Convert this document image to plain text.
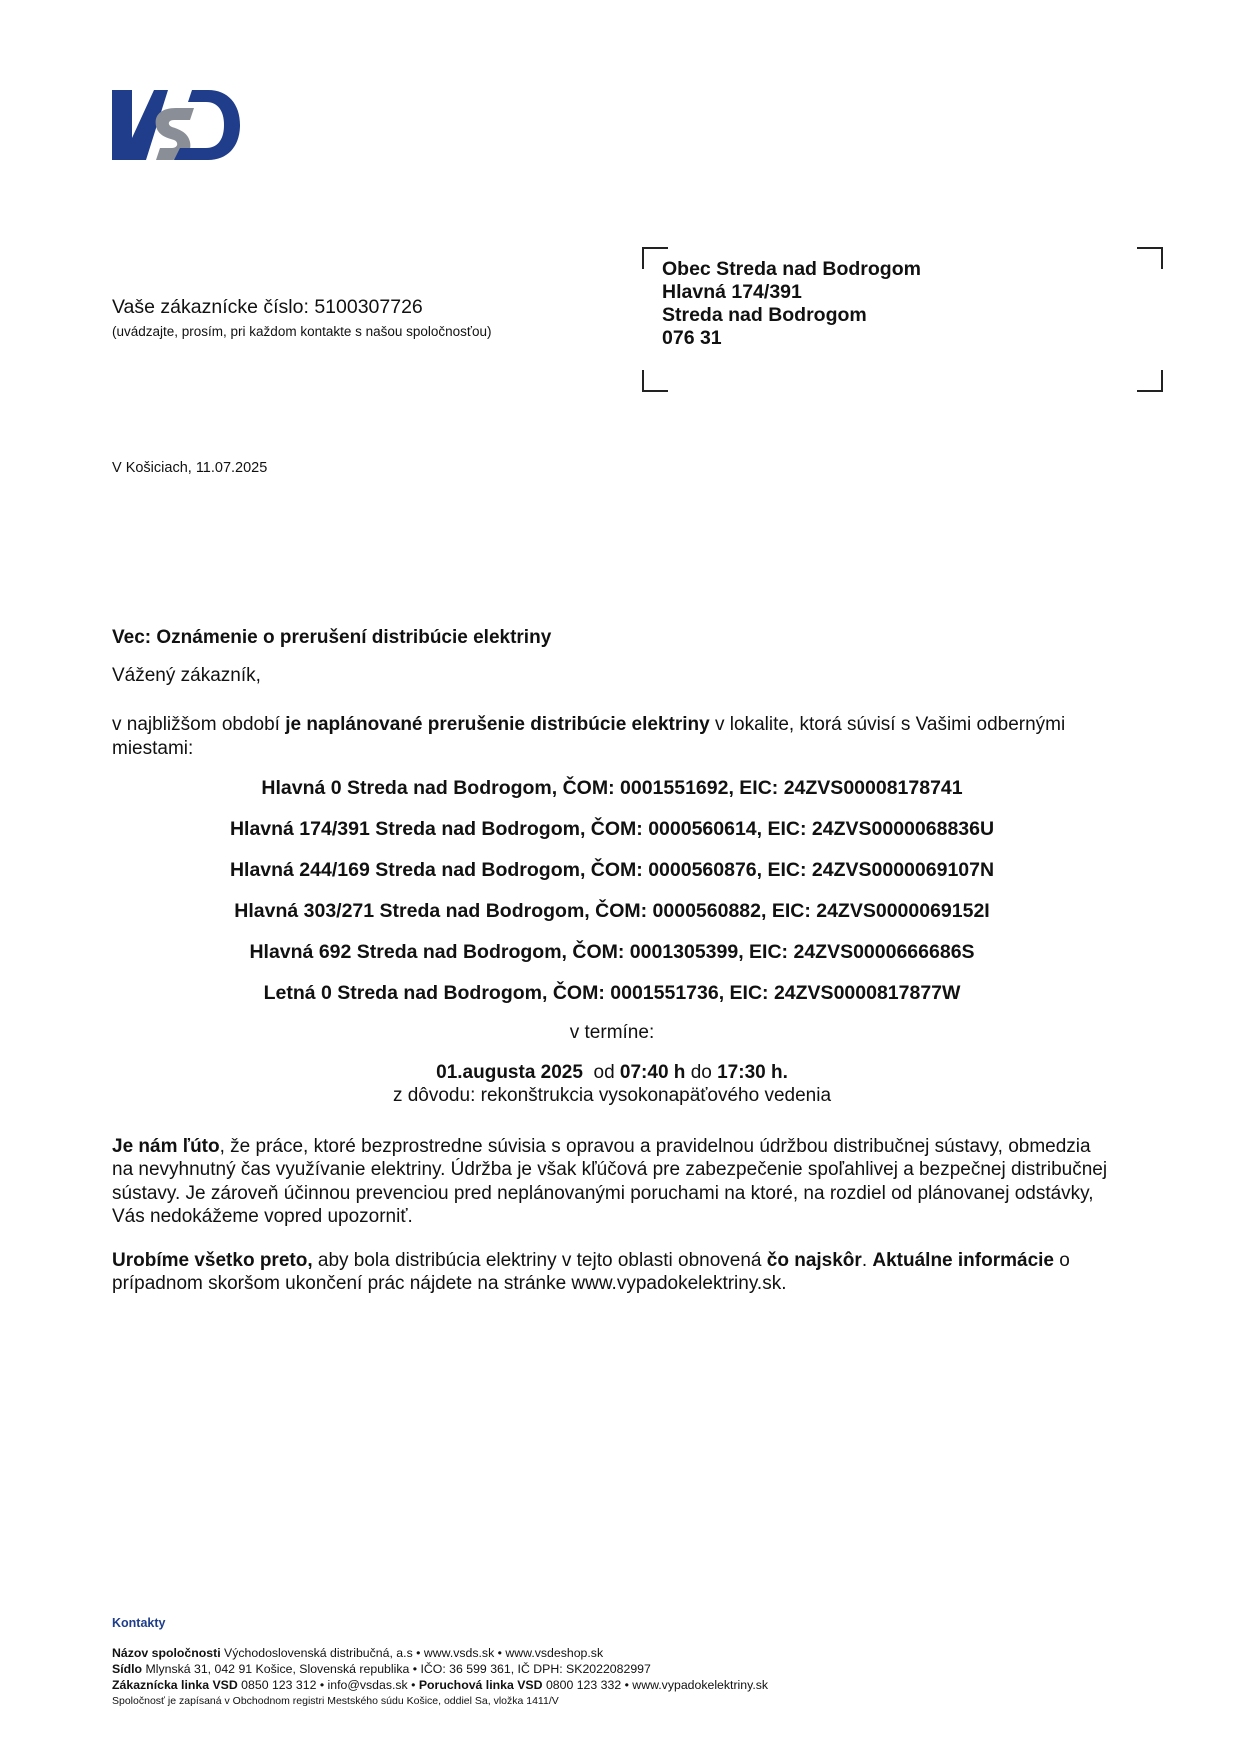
Vaše zákaznícke číslo: 5100307726
(uvádzajte, prosím, pri každom kontakte s našou spoločnosťou)
Obec Streda nad Bodrogom
Hlavná 174/391
Streda nad Bodrogom
076 31
V Košiciach, 11.07.2025
Vec: Oznámenie o prerušení distribúcie elektriny
Vážený zákazník,
v najbližšom období je naplánované prerušenie distribúcie elektriny v lokalite, ktorá súvisí s Vašimi odbernými miestami:
Hlavná 0 Streda nad Bodrogom, ČOM: 0001551692, EIC: 24ZVS00008178741
Hlavná 174/391 Streda nad Bodrogom, ČOM: 0000560614, EIC: 24ZVS0000068836U
Hlavná 244/169 Streda nad Bodrogom, ČOM: 0000560876, EIC: 24ZVS0000069107N
Hlavná 303/271 Streda nad Bodrogom, ČOM: 0000560882, EIC: 24ZVS0000069152I
Hlavná 692 Streda nad Bodrogom, ČOM: 0001305399, EIC: 24ZVS0000666686S
Letná 0 Streda nad Bodrogom, ČOM: 0001551736, EIC: 24ZVS0000817877W
v termíne:
01.augusta 2025 od 07:40 h do 17:30 h.
z dôvodu: rekonštrukcia vysokonapäťového vedenia
Je nám ľúto, že práce, ktoré bezprostredne súvisia s opravou a pravidelnou údržbou distribučnej sústavy, obmedzia na nevyhnutný čas využívanie elektriny. Údržba je však kľúčová pre zabezpečenie spoľahlivej a bezpečnej distribučnej sústavy. Je zároveň účinnou prevenciou pred neplánovanými poruchami na ktoré, na rozdiel od plánovanej odstávky, Vás nedokážeme vopred upozorniť.
Urobíme všetko preto, aby bola distribúcia elektriny v tejto oblasti obnovená čo najskôr. Aktuálne informácie o prípadnom skoršom ukončení prác nájdete na stránke www.vypadokelektriny.sk.
Kontakty
Názov spoločnosti Východoslovenská distribučná, a.s • www.vsds.sk • www.vsdeshop.sk
Sídlo Mlynská 31, 042 91 Košice, Slovenská republika • IČO: 36 599 361, IČ DPH: SK2022082997
Zákaznícka linka VSD 0850 123 312 • info@vsdas.sk • Poruchová linka VSD 0800 123 332 • www.vypadokelektriny.sk
Spoločnosť je zapísaná v Obchodnom registri Mestského súdu Košice, oddiel Sa, vložka 1411/V
